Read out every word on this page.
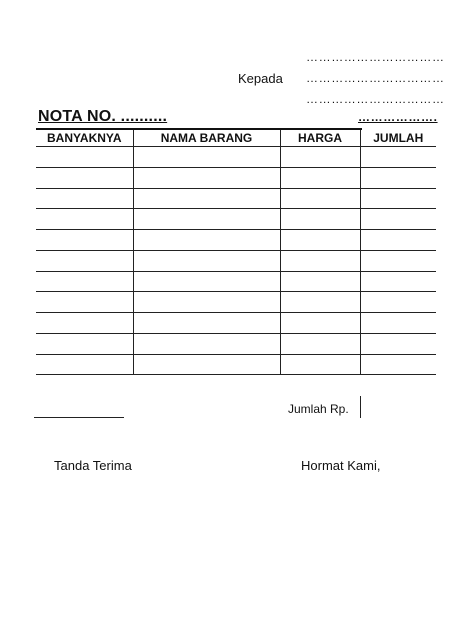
……………………………
Kepada ……………………………
……………………………
NOTA NO. ..........	……………….
BANYAKNYA	NAMA BARANG	HARGA	JUMLAH

Jumlah Rp.
Tanda Terima	Hormat Kami,
